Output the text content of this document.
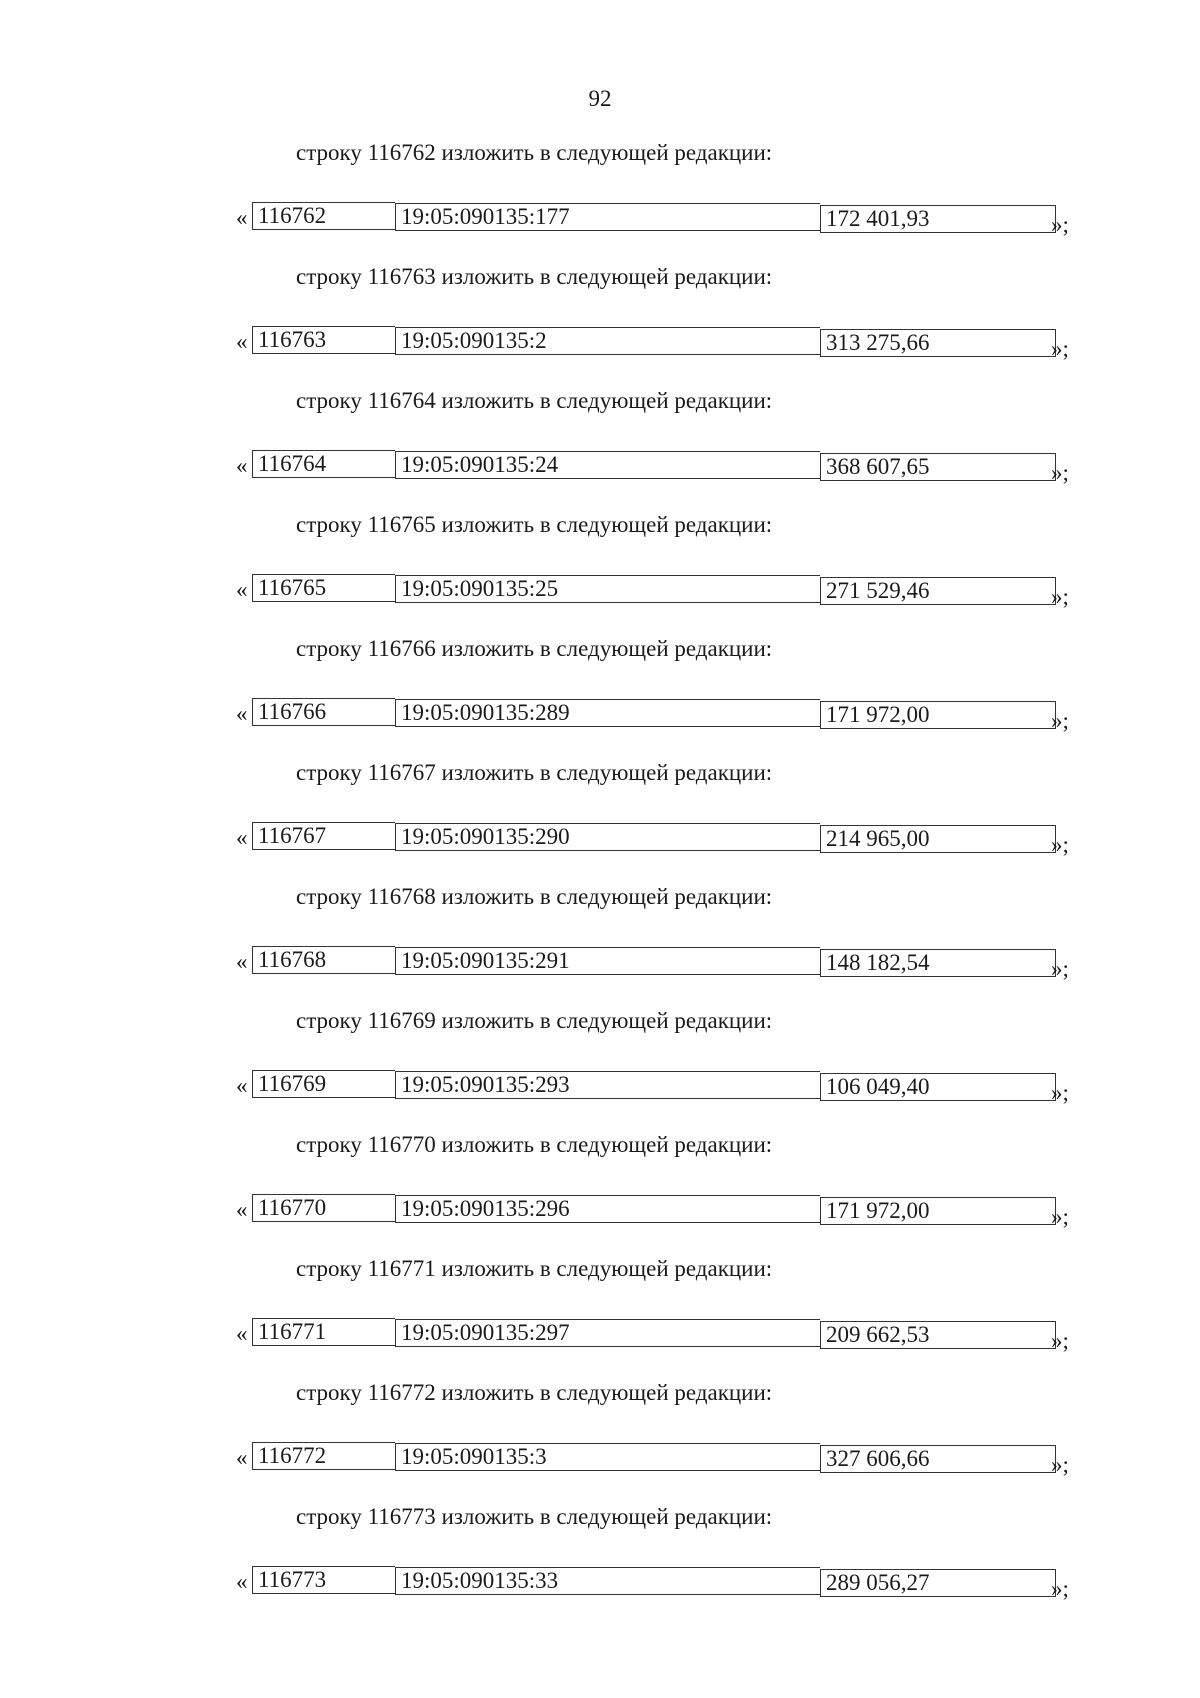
92
строку 116762 изложить в следующей редакции:
« 116762	19:05:090135:177	172 401,93	»;
строку 116763 изложить в следующей редакции:
« 116763	19:05:090135:2	313 275,66	»;
строку 116764 изложить в следующей редакции:
« 116764	19:05:090135:24	368 607,65	»;
строку 116765 изложить в следующей редакции:
« 116765	19:05:090135:25	271 529,46	»;
строку 116766 изложить в следующей редакции:
« 116766	19:05:090135:289	171 972,00	»;
строку 116767 изложить в следующей редакции:
« 116767	19:05:090135:290	214 965,00	»;
строку 116768 изложить в следующей редакции:
« 116768	19:05:090135:291	148 182,54	»;
строку 116769 изложить в следующей редакции:
« 116769	19:05:090135:293	106 049,40	»;
строку 116770 изложить в следующей редакции:
« 116770	19:05:090135:296	171 972,00	»;
строку 116771 изложить в следующей редакции:
« 116771	19:05:090135:297	209 662,53	»;
строку 116772 изложить в следующей редакции:
« 116772	19:05:090135:3	327 606,66	»;
строку 116773 изложить в следующей редакции:
« 116773	19:05:090135:33	289 056,27	»;
